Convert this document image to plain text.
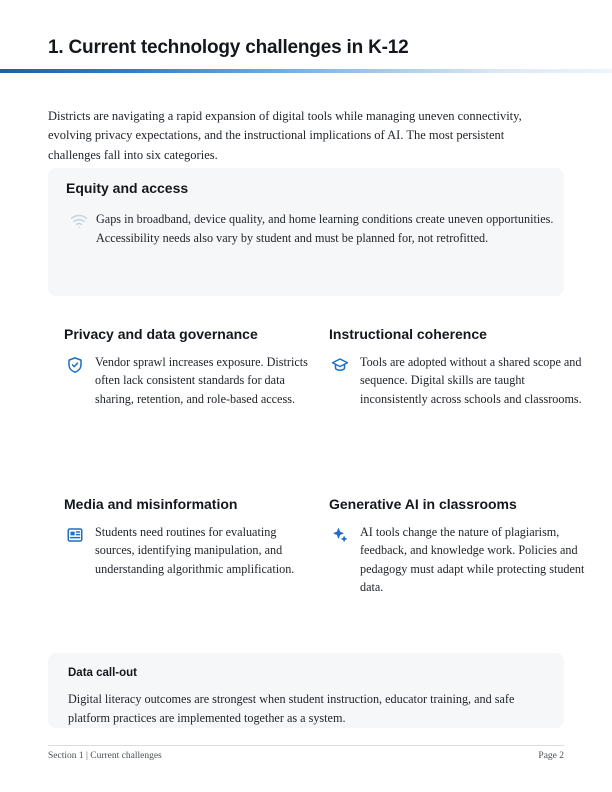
1. Current technology challenges in K-12

Districts are navigating a rapid expansion of digital tools while managing uneven connectivity, evolving privacy expectations, and the instructional implications of AI. The most persistent challenges fall into six categories.

Equity and access
Gaps in broadband, device quality, and home learning conditions create uneven opportunities. Accessibility needs also vary by student and must be planned for, not retrofitted.
Privacy and data governance
Vendor sprawl increases exposure. Districts often lack consistent standards for data sharing, retention, and role-based access.
Instructional coherence
Tools are adopted without a shared scope and sequence. Digital skills are taught inconsistently across schools and classrooms.
Media and misinformation
Students need routines for evaluating sources, identifying manipulation, and understanding algorithmic amplification.
Generative AI in classrooms
AI tools change the nature of plagiarism, feedback, and knowledge work. Policies and pedagogy must adapt while protecting student data.
Data call-out
Digital literacy outcomes are strongest when student instruction, educator training, and safe platform practices are implemented together as a system.
Section 1 | Current challenges	Page 2
